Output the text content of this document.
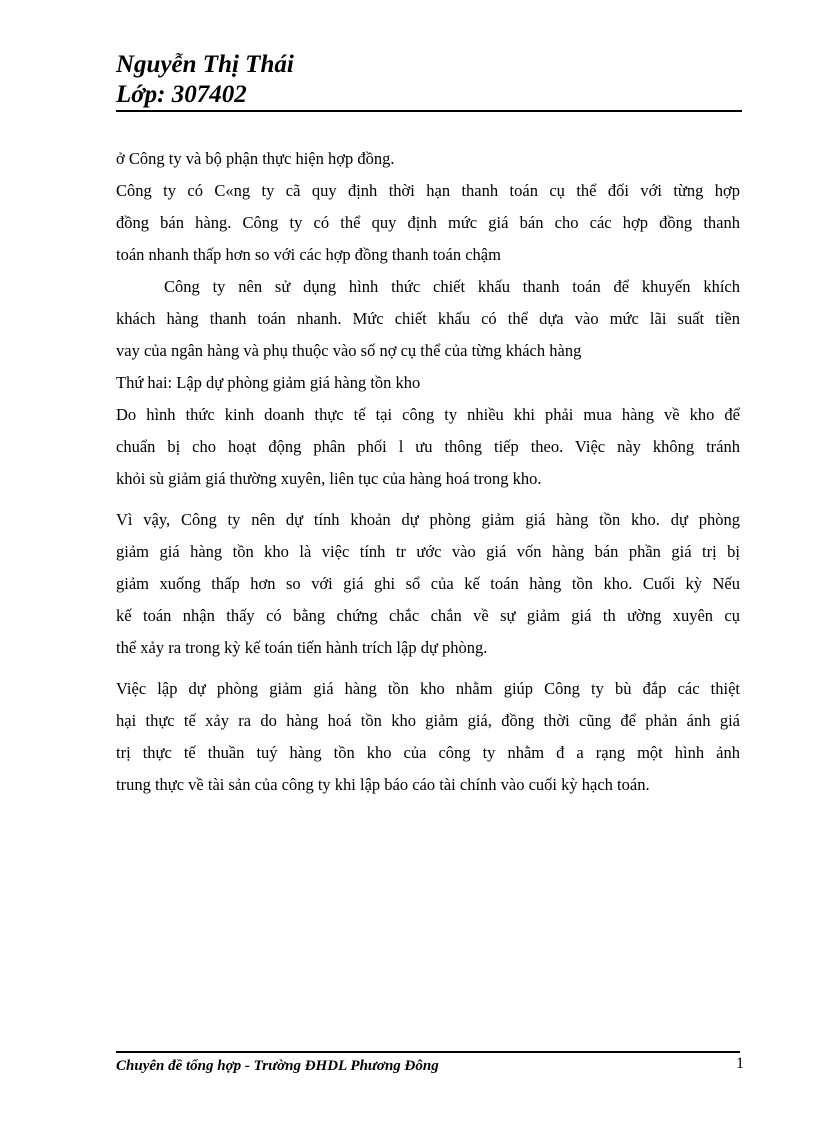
Nguyễn Thị Thái
Lớp: 307402
ở Công ty và bộ phận thực hiện hợp đồng.
Công ty có C«ng ty cã quy định thời hạn thanh toán cụ thể đối với từng hợp
đồng bán hàng. Công ty có thể quy định mức giá bán cho các hợp đồng thanh
toán nhanh thấp hơn so với các hợp đồng thanh toán chậm
Công ty nên sử dụng hình thức chiết khấu thanh toán để khuyến khích
khách hàng thanh toán nhanh. Mức chiết khấu có thể dựa vào mức lãi suất tiền
vay của ngân hàng và phụ thuộc vào số nợ cụ thể của từng khách hàng
Thứ hai: Lập dự phòng giảm giá hàng tồn kho
Do hình thức kinh doanh thực tế tại công ty nhiều khi phải mua hàng về kho để
chuẩn bị cho hoạt động phân phối l ưu thông tiếp theo. Việc này không tránh
khỏi sù giảm giá thường xuyên, liên tục của hàng hoá trong kho.
Vì vậy, Công ty nên dự tính khoản dự phòng giảm giá hàng tồn kho. dự phòng
giảm giá hàng tồn kho là việc tính tr ước vào giá vốn hàng bán phần giá trị bị
giảm xuống thấp hơn so với giá ghi sổ của kế toán hàng tồn kho. Cuối kỳ Nếu
kế toán nhận thấy có bằng chứng chắc chắn về sự giảm giá th ường xuyên cụ
thể xảy ra trong kỳ kế toán tiến hành trích lập dự phòng.
Việc lập dự phòng giảm giá hàng tồn kho nhằm giúp Công ty bù đắp các thiệt
hại thực tế xảy ra do hàng hoá tồn kho giảm giá, đồng thời cũng để phản ánh giá
trị thực tế thuần tuý hàng tồn kho của công ty nhằm đ a rạng một hình ảnh
trung thực về tài sản của công ty khi lập báo cáo tài chính vào cuối kỳ hạch toán.
Chuyên đề tổng hợp - Trường ĐHDL Phương Đông	1
